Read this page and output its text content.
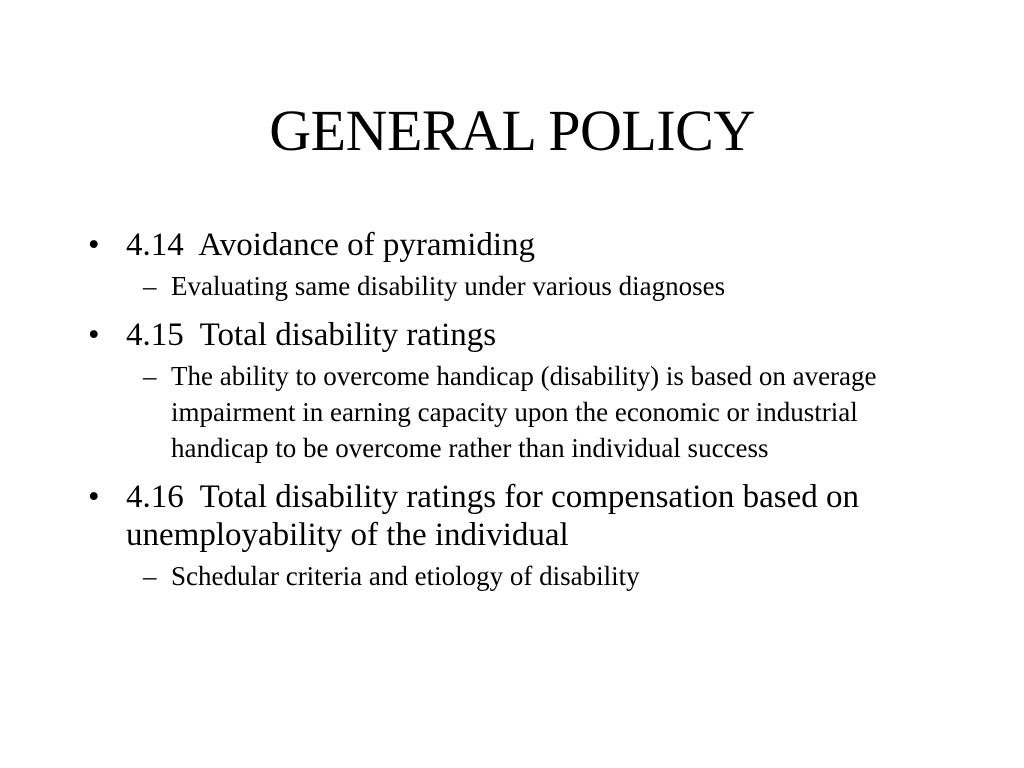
GENERAL POLICY
• 4.14  Avoidance of pyramiding
– Evaluating same disability under various diagnoses
• 4.15  Total disability ratings
– The ability to overcome handicap (disability) is based on average impairment in earning capacity upon the economic or industrial handicap to be overcome rather than individual success
• 4.16  Total disability ratings for compensation based on unemployability of the individual
– Schedular criteria and etiology of disability
